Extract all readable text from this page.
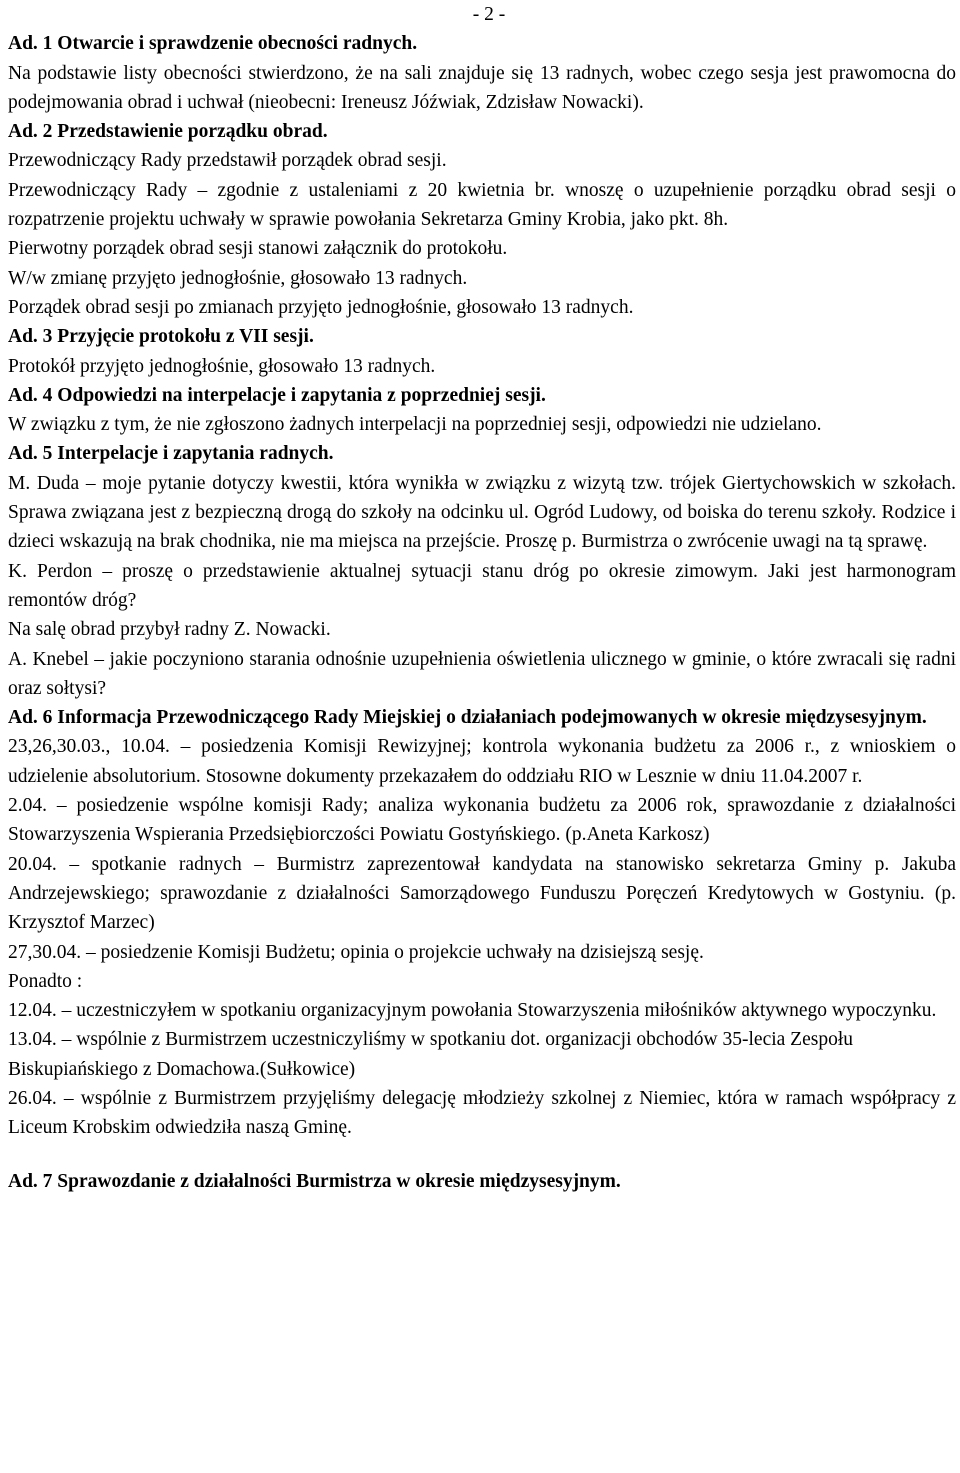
- 2 -

Ad. 1 Otwarcie i sprawdzenie obecności radnych.

Na podstawie listy obecności stwierdzono, że na sali znajduje się 13 radnych, wobec czego sesja jest prawomocna do podejmowania obrad i uchwał (nieobecni: Ireneusz Jóźwiak, Zdzisław Nowacki).

Ad. 2 Przedstawienie porządku obrad.

Przewodniczący Rady przedstawił porządek obrad sesji.

Przewodniczący Rady – zgodnie z ustaleniami z 20 kwietnia br. wnoszę o uzupełnienie porządku obrad sesji o rozpatrzenie projektu uchwały w sprawie powołania Sekretarza Gminy Krobia, jako pkt. 8h.

Pierwotny porządek obrad sesji stanowi załącznik do protokołu.

W/w zmianę przyjęto jednogłośnie, głosowało 13 radnych.

Porządek obrad sesji po zmianach przyjęto jednogłośnie, głosowało 13 radnych.

Ad. 3 Przyjęcie protokołu z VII sesji.

Protokół przyjęto jednogłośnie, głosowało 13 radnych.

Ad. 4 Odpowiedzi na interpelacje i zapytania z poprzedniej sesji.

W związku z tym, że nie zgłoszono żadnych interpelacji na poprzedniej sesji, odpowiedzi nie udzielano.

Ad. 5 Interpelacje i zapytania radnych.

M. Duda – moje pytanie dotyczy kwestii, która wynikła w związku z wizytą tzw. trójek Giertychowskich w szkołach. Sprawa związana jest z bezpieczną drogą do szkoły na odcinku ul. Ogród Ludowy, od boiska do terenu szkoły. Rodzice i dzieci wskazują na brak chodnika, nie ma miejsca na przejście. Proszę p. Burmistrza o zwrócenie uwagi na tą sprawę.

K. Perdon – proszę o przedstawienie aktualnej sytuacji stanu dróg po okresie zimowym. Jaki jest harmonogram remontów dróg?

Na salę obrad przybył radny Z. Nowacki.

A. Knebel – jakie poczyniono starania odnośnie uzupełnienia oświetlenia ulicznego w gminie, o które zwracali się radni oraz sołtysi?

Ad. 6 Informacja Przewodniczącego Rady Miejskiej o działaniach podejmowanych w okresie międzysesyjnym.

23,26,30.03., 10.04. – posiedzenia Komisji Rewizyjnej; kontrola wykonania budżetu za 2006 r., z wnioskiem o udzielenie absolutorium. Stosowne dokumenty przekazałem do oddziału RIO w Lesznie w dniu 11.04.2007 r.

2.04. – posiedzenie wspólne komisji Rady; analiza wykonania budżetu za 2006 rok, sprawozdanie z działalności Stowarzyszenia Wspierania Przedsiębiorczości Powiatu Gostyńskiego. (p.Aneta Karkosz)

20.04. – spotkanie radnych – Burmistrz zaprezentował kandydata na stanowisko sekretarza Gminy p. Jakuba Andrzejewskiego; sprawozdanie z działalności Samorządowego Funduszu Poręczeń Kredytowych w Gostyniu. (p. Krzysztof Marzec)

27,30.04. – posiedzenie Komisji Budżetu; opinia o projekcie uchwały na dzisiejszą sesję.

Ponadto :

12.04. – uczestniczyłem w spotkaniu organizacyjnym powołania Stowarzyszenia miłośników aktywnego wypoczynku.

13.04. – wspólnie z Burmistrzem uczestniczyliśmy w spotkaniu dot. organizacji obchodów 35-lecia Zespołu Biskupiańskiego z Domachowa.(Sułkowice)

26.04. – wspólnie z Burmistrzem przyjęliśmy delegację młodzieży szkolnej z Niemiec, która w ramach współpracy z Liceum Krobskim odwiedziła naszą Gminę.

Ad. 7 Sprawozdanie z działalności Burmistrza w okresie międzysesyjnym.
